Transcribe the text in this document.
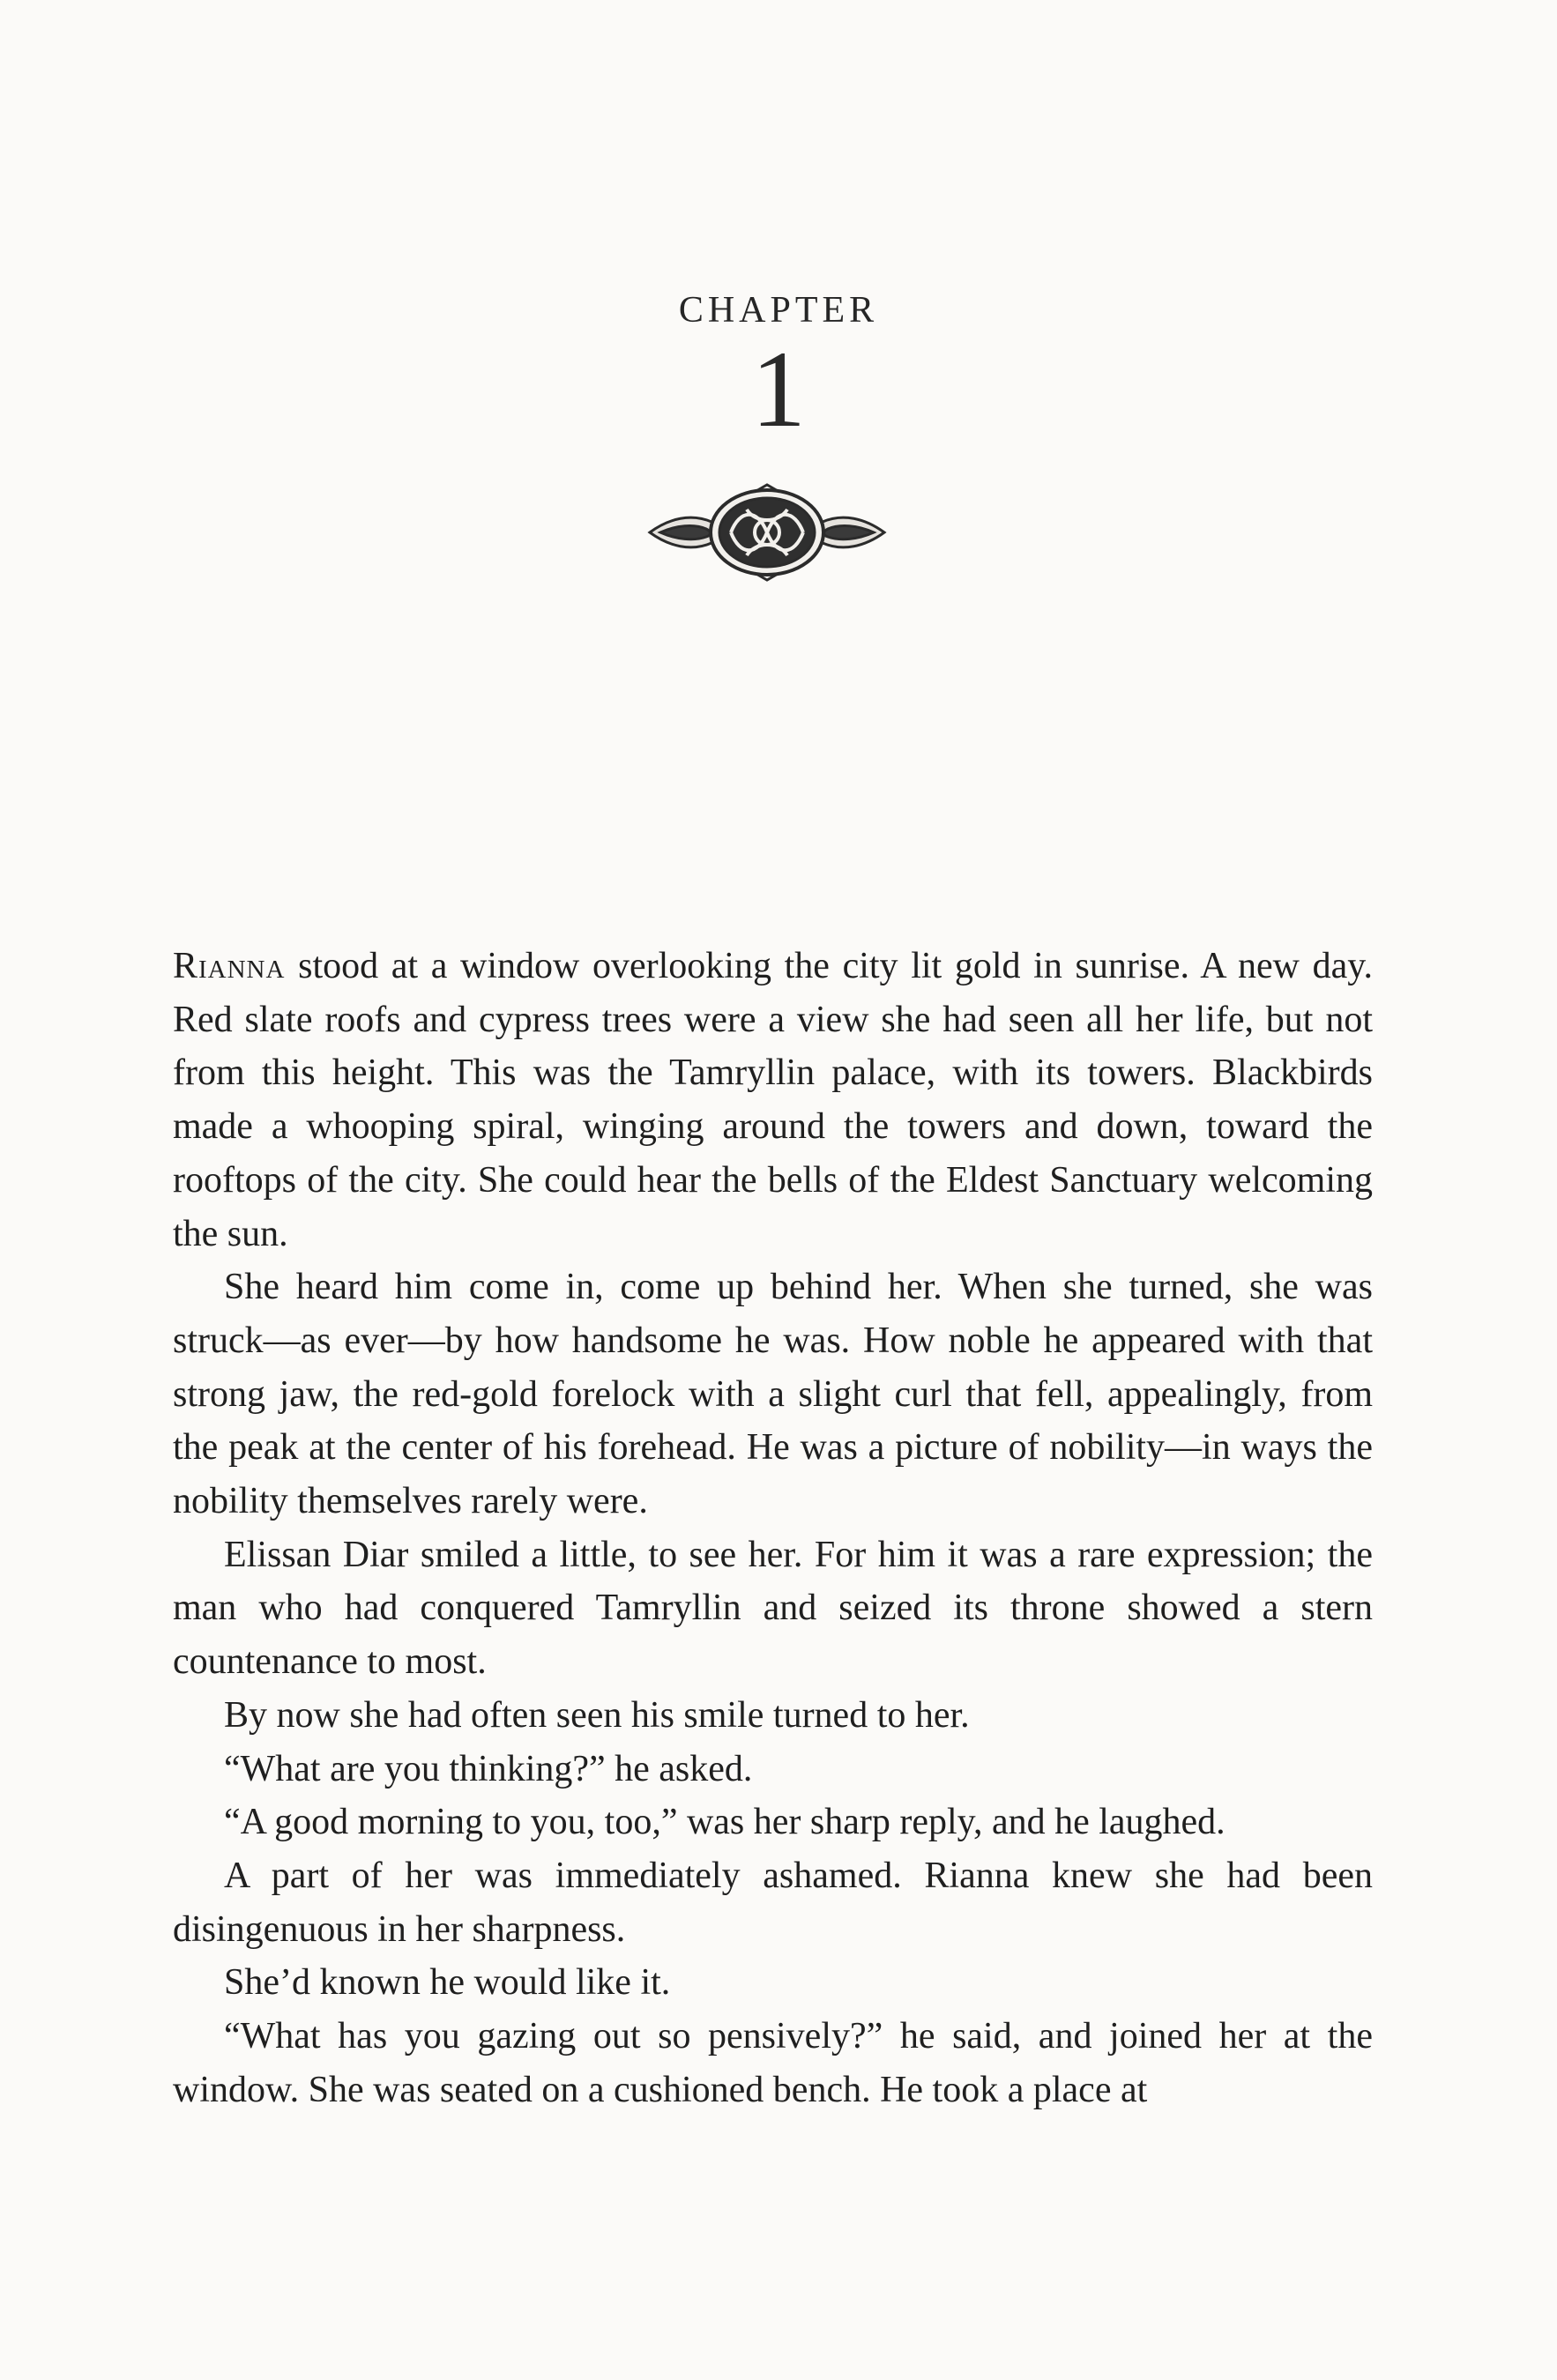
CHAPTER
1

Rianna stood at a window overlooking the city lit gold in sunrise. A new day. Red slate roofs and cypress trees were a view she had seen all her life, but not from this height. This was the Tamryllin palace, with its towers. Blackbirds made a whooping spiral, winging around the towers and down, toward the rooftops of the city. She could hear the bells of the Eldest Sanctuary welcoming the sun.

She heard him come in, come up behind her. When she turned, she was struck—as ever—by how handsome he was. How noble he appeared with that strong jaw, the red-gold forelock with a slight curl that fell, appealingly, from the peak at the center of his forehead. He was a picture of nobility—in ways the nobility themselves rarely were.

Elissan Diar smiled a little, to see her. For him it was a rare expression; the man who had conquered Tamryllin and seized its throne showed a stern countenance to most.

By now she had often seen his smile turned to her.

“What are you thinking?” he asked.

“A good morning to you, too,” was her sharp reply, and he laughed.

A part of her was immediately ashamed. Rianna knew she had been disingenuous in her sharpness.

She’d known he would like it.

“What has you gazing out so pensively?” he said, and joined her at the window. She was seated on a cushioned bench. He took a place at
